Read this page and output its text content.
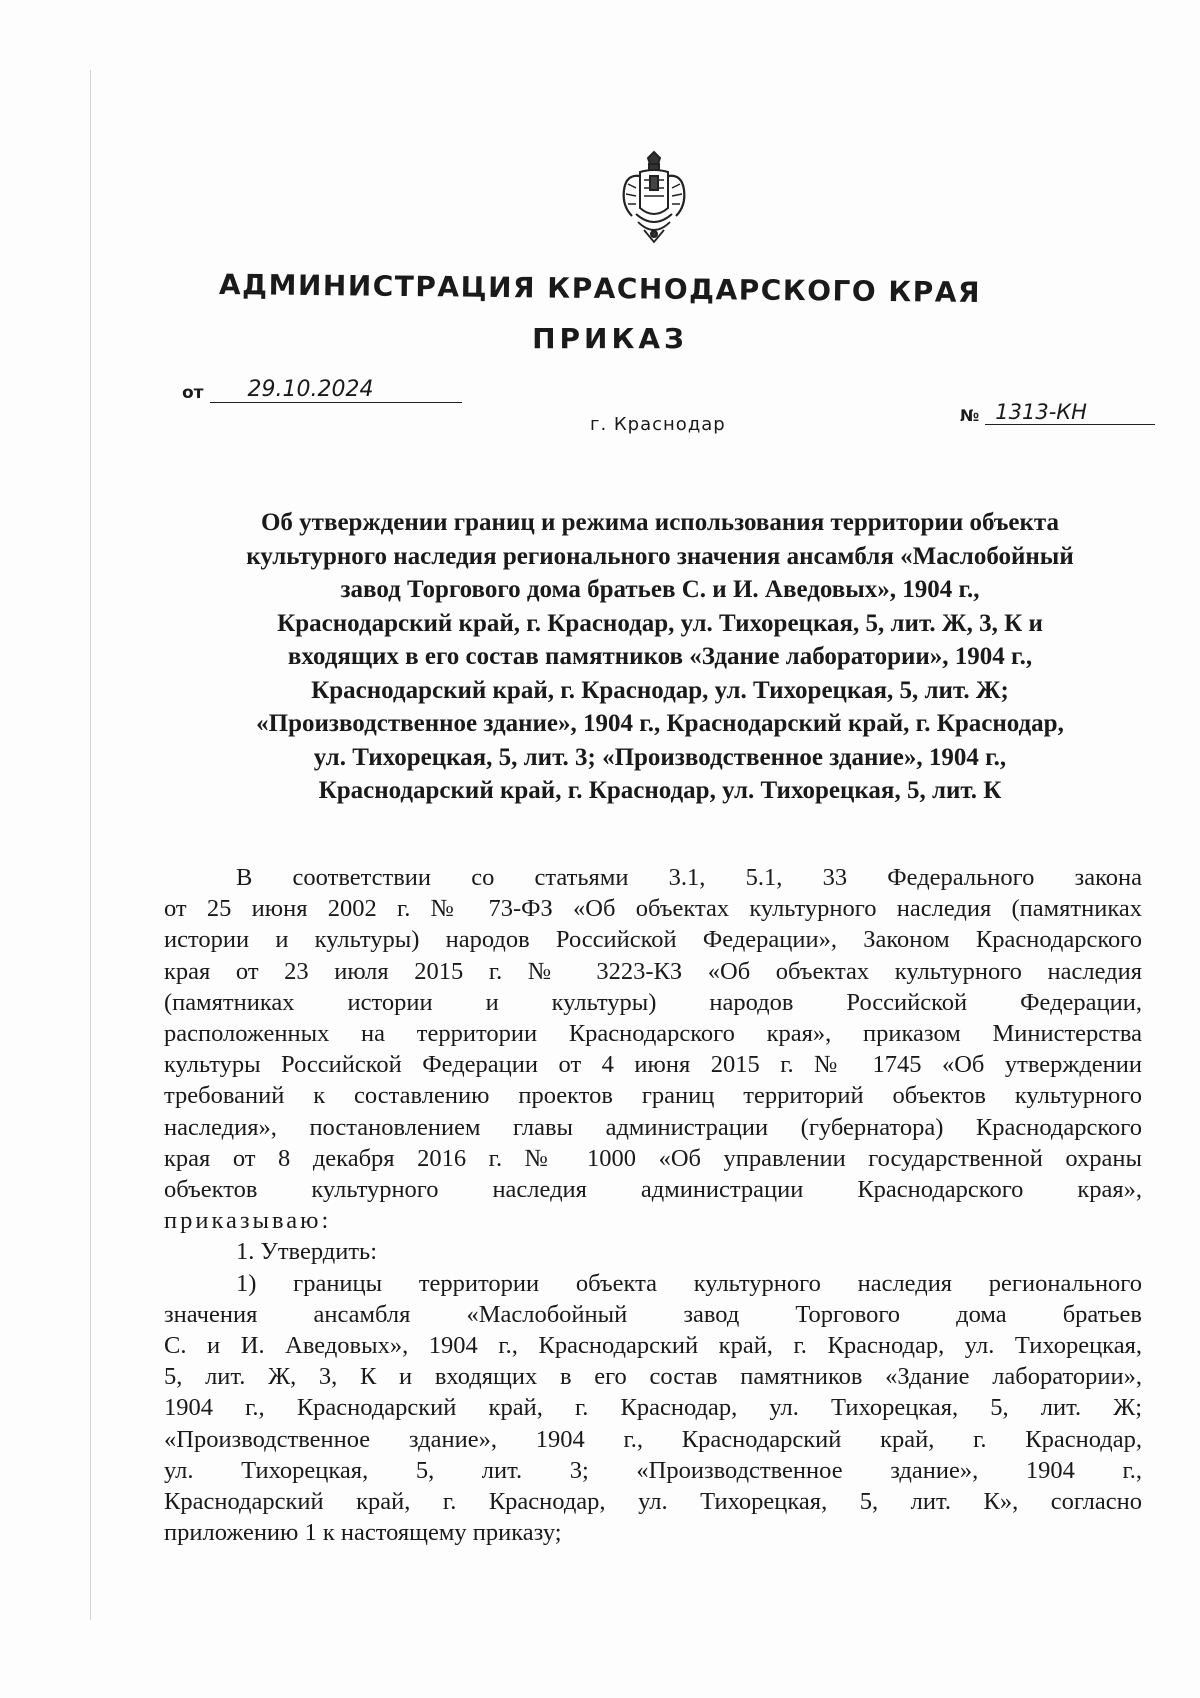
АДМИНИСТРАЦИЯ КРАСНОДАРСКОГО КРАЯ
ПРИКАЗ
от	29.10.2024
г. Краснодар	№ 1313-КН
Об утверждении границ и режима использования территории объекта
культурного наследия регионального значения ансамбля «Маслобойный
завод Торгового дома братьев С. и И. Аведовых», 1904 г.,
Краснодарский край, г. Краснодар, ул. Тихорецкая, 5, лит. Ж, 3, К и
входящих в его состав памятников «Здание лаборатории», 1904 г.,
Краснодарский край, г. Краснодар, ул. Тихорецкая, 5, лит. Ж;
«Производственное здание», 1904 г., Краснодарский край, г. Краснодар,
ул. Тихорецкая, 5, лит. 3; «Производственное здание», 1904 г.,
Краснодарский край, г. Краснодар, ул. Тихорецкая, 5, лит. К
В соответствии со статьями 3.1, 5.1, 33 Федерального закона
от 25 июня 2002 г. № 73-ФЗ «Об объектах культурного наследия (памятниках
истории и культуры) народов Российской Федерации», Законом Краснодарского
края от 23 июля 2015 г. № 3223-КЗ «Об объектах культурного наследия
(памятниках истории и культуры) народов Российской Федерации,
расположенных на территории Краснодарского края», приказом Министерства
культуры Российской Федерации от 4 июня 2015 г. № 1745 «Об утверждении
требований к составлению проектов границ территорий объектов культурного
наследия», постановлением главы администрации (губернатора) Краснодарского
края от 8 декабря 2016 г. № 1000 «Об управлении государственной охраны
объектов культурного наследия администрации Краснодарского края»,
приказываю:
1. Утвердить:
1) границы территории объекта культурного наследия регионального
значения ансамбля «Маслобойный завод Торгового дома братьев
С. и И. Аведовых», 1904 г., Краснодарский край, г. Краснодар, ул. Тихорецкая,
5, лит. Ж, 3, К и входящих в его состав памятников «Здание лаборатории»,
1904 г., Краснодарский край, г. Краснодар, ул. Тихорецкая, 5, лит. Ж;
«Производственное здание», 1904 г., Краснодарский край, г. Краснодар,
ул. Тихорецкая, 5, лит. 3; «Производственное здание», 1904 г.,
Краснодарский край, г. Краснодар, ул. Тихорецкая, 5, лит. К», согласно
приложению 1 к настоящему приказу;
